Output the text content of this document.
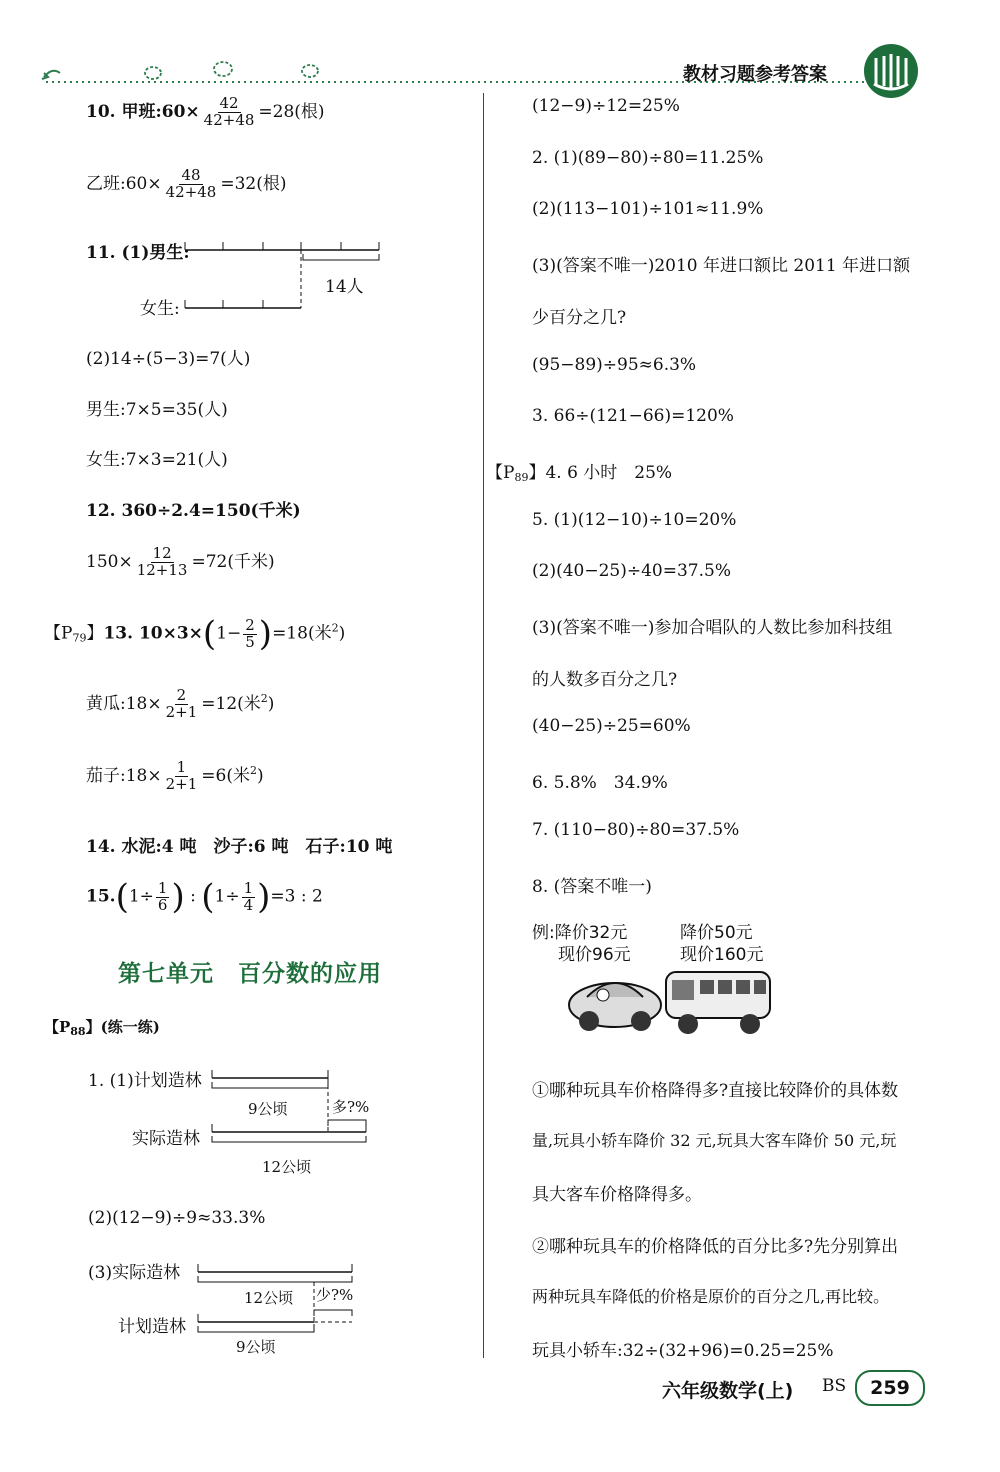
教材习题参考答案
10. 甲班:60× $\frac{42}{42+48} =28$(根)
乙班:60× $\frac{48}{42+48} =32$(根)
11. (1)男生:
14人
女生:
(2)14÷(5−3)=7(人)
男生:7×5=35(人)
女生:7×3=21(人)
12. 360÷2.4=150(千米)
$150\times \frac{12}{12+13} =72$(千米)
【$P_{79}$】13. $10\times 3\times(1- \frac{2}{5} )=18$(米$^2$)
黄瓜:18× $\frac{2}{2+1} =12$(米$^2$)
茄子:18× $\frac{1}{2+1} =6$(米$^2$)
14. 水泥:4 吨　沙子:6 吨　石子:10 吨
$15.(1\div \frac{1}{6}$ ) : $(1\div \frac{1}{4} )=3$ : 2
第七单元　百分数的应用
【$P_{88}$】(练一练)
1. (1)计划造林
9公顷	多?%
实际造林
12公顷
(2)(12−9)÷9≈33.3%
(3)实际造林
12公顷 少?%
计划造林
9公顷
(12−9)÷12=25%
2. (1)(89−80)÷80=11.25%
(2)(113−101)÷101≈11.9%
(3)(答案不唯一)2010 年进口额比 2011 年进口额
少百分之几?
(95−89)÷95≈6.3%
3. 66÷(121−66)=120%
【$P_{89}$】4. 6 小时　25%
5. (1)(12−10)÷10=20%
(2)(40−25)÷40=37.5%
(3)(答案不唯一)参加合唱队的人数比参加科技组
的人数多百分之几?
(40−25)÷25=60%
6. 5.8%　34.9%
7. (110−80)÷80=37.5%
8. (答案不唯一)
例:降价32元
现价96元
降价50元
现价160元
①哪种玩具车价格降得多?直接比较降价的具体数
量,玩具小轿车降价 32 元,玩具大客车降价 50 元,玩
具大客车价格降得多。
②哪种玩具车的价格降低的百分比多?先分别算出
两种玩具车降低的价格是原价的百分之几,再比较。
玩具小轿车:32÷(32+96)=0.25=25%
六年级数学(上) BS	259
